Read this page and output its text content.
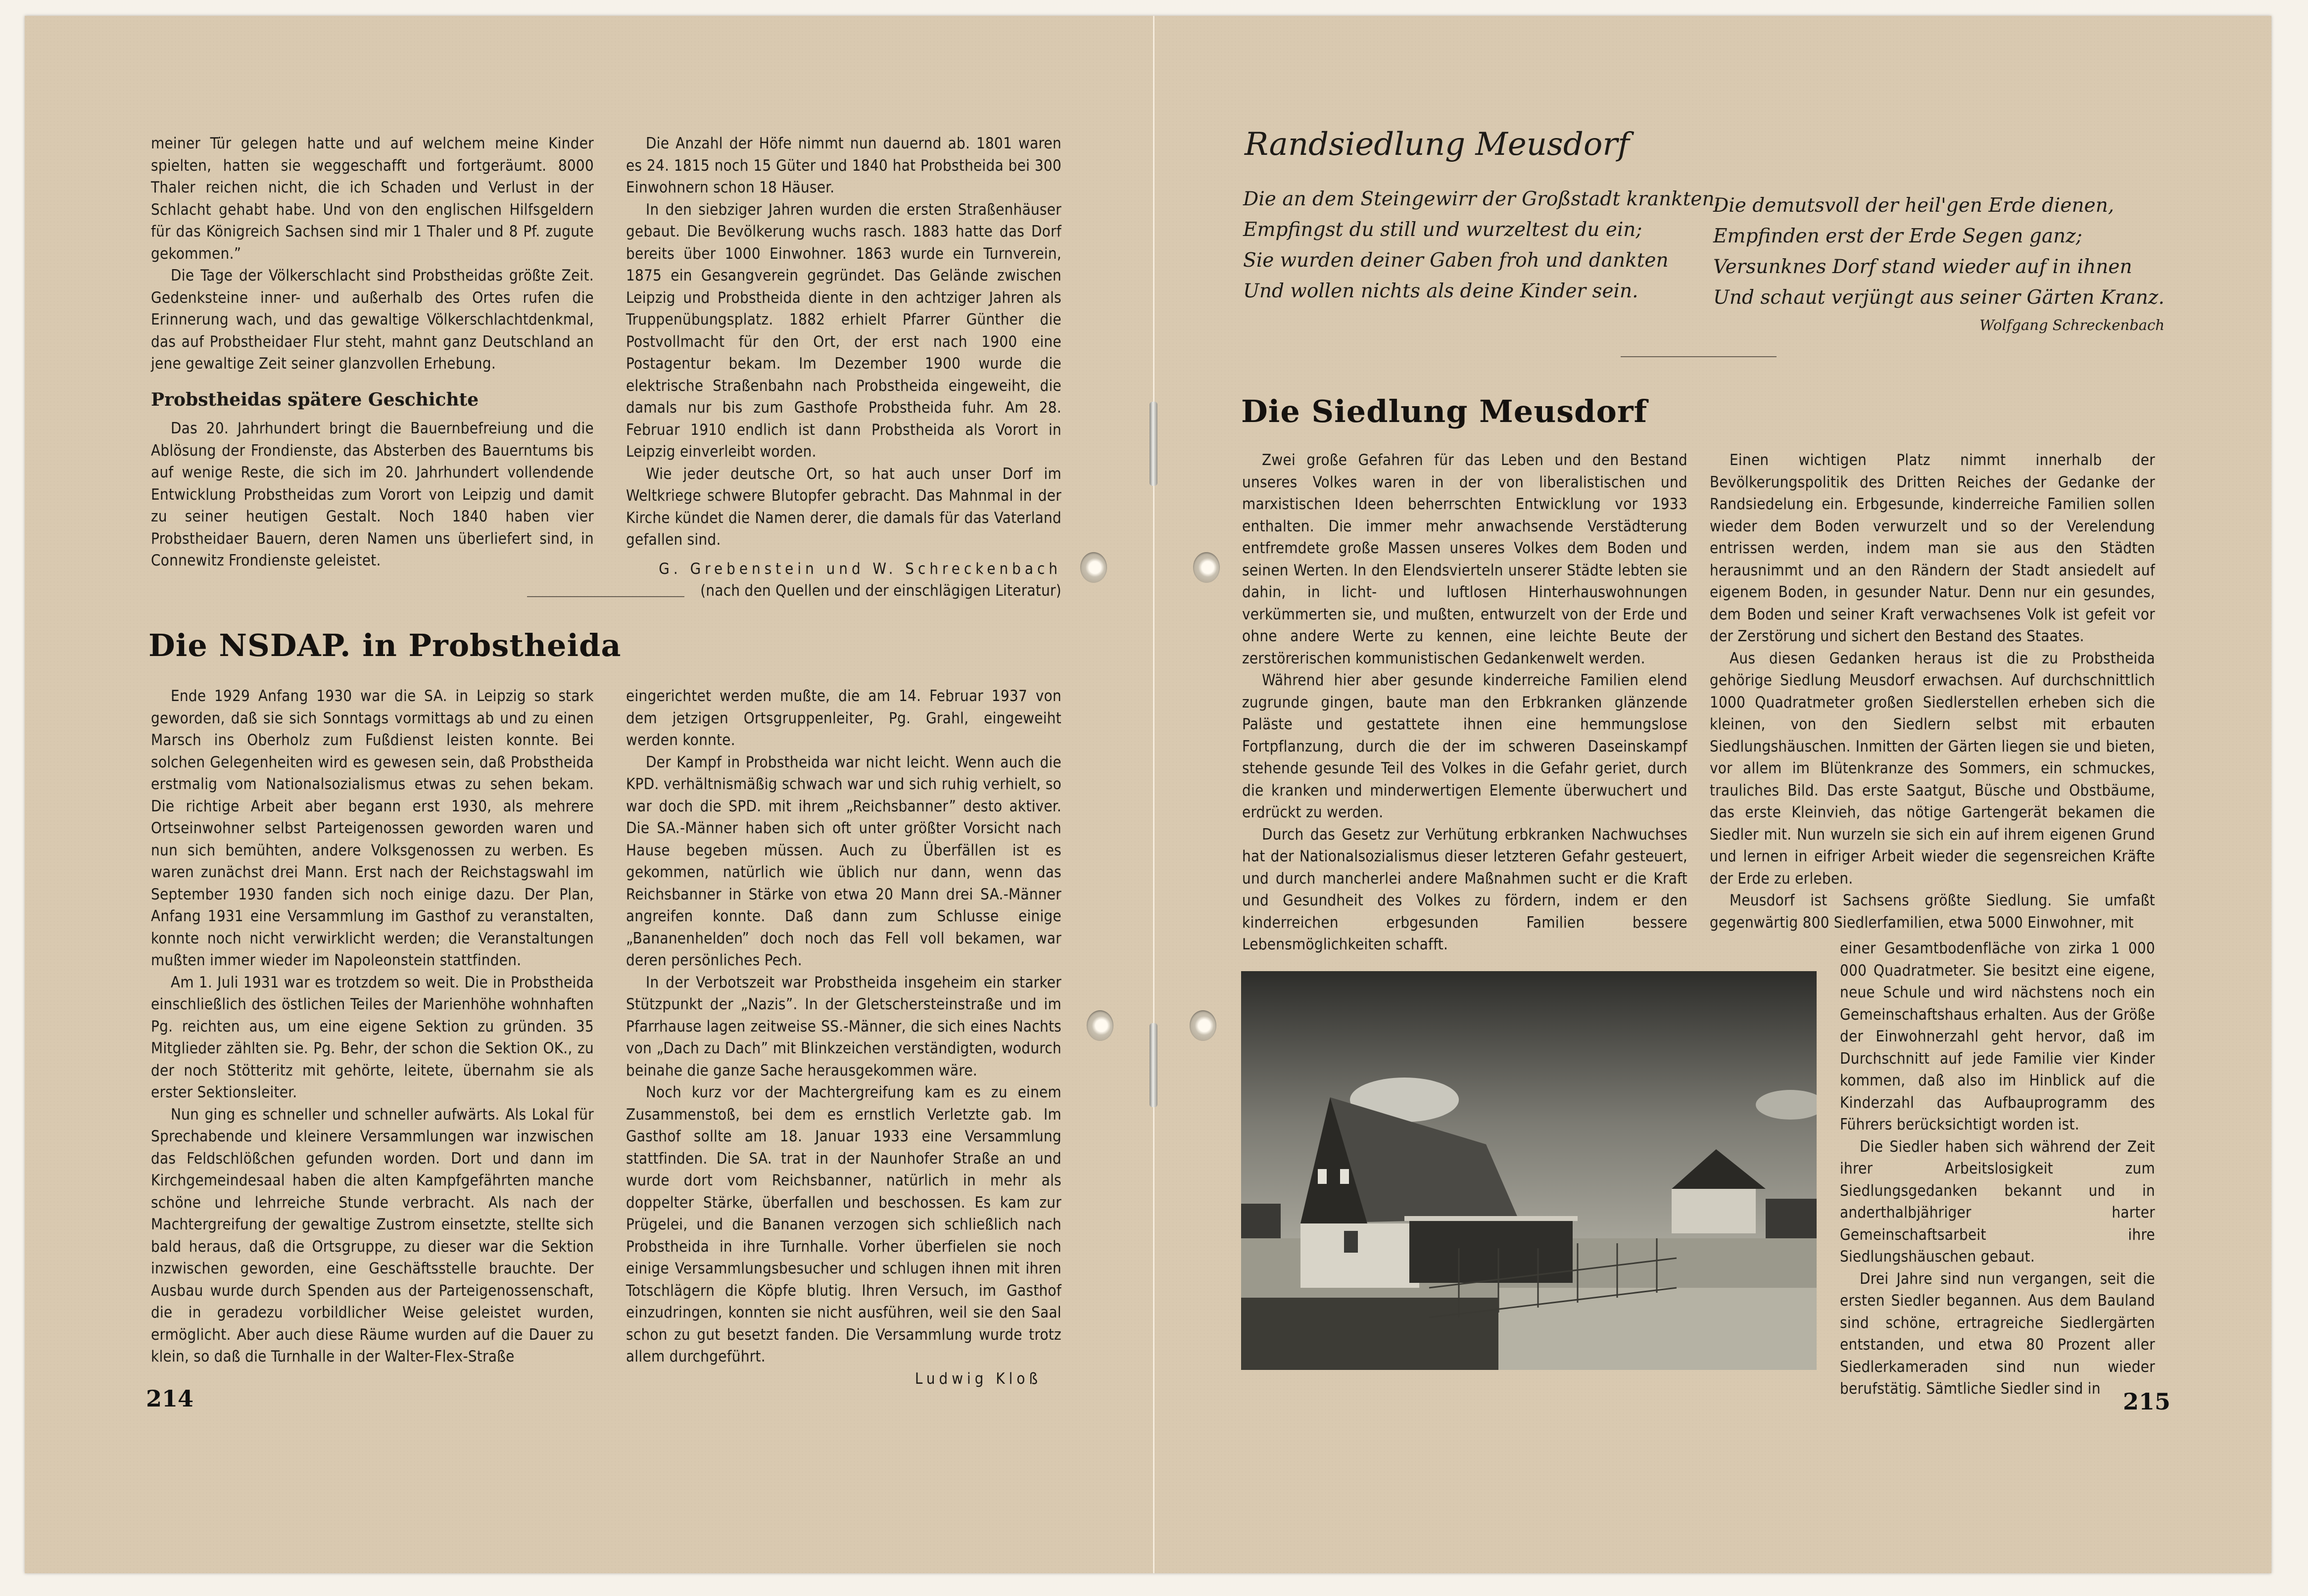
meiner Tür gelegen hatte und auf welchem meine Kinder spielten, hatten sie weggeschafft und fortgeräumt. 8000 Thaler reichen nicht, die ich Schaden und Verlust in der Schlacht gehabt habe. Und von den englischen Hilfsgeldern für das Königreich Sachsen sind mir 1 Thaler und 8 Pf. zugute gekommen.”

Die Tage der Völkerschlacht sind Probstheidas größte Zeit. Gedenksteine inner- und außerhalb des Ortes rufen die Erinnerung wach, und das gewaltige Völkerschlachtdenkmal, das auf Probstheidaer Flur steht, mahnt ganz Deutschland an jene gewaltige Zeit seiner glanzvollen Erhebung.

Probstheidas spätere Geschichte

Das 20. Jahrhundert bringt die Bauernbefreiung und die Ablösung der Frondienste, das Absterben des Bauerntums bis auf wenige Reste, die sich im 20. Jahrhundert vollendende Entwicklung Probstheidas zum Vorort von Leipzig und damit zu seiner heutigen Gestalt. Noch 1840 haben vier Probstheidaer Bauern, deren Namen uns überliefert sind, in Connewitz Frondienste geleistet.

Die Anzahl der Höfe nimmt nun dauernd ab. 1801 waren es 24. 1815 noch 15 Güter und 1840 hat Probstheida bei 300 Einwohnern schon 18 Häuser.

In den siebziger Jahren wurden die ersten Straßenhäuser gebaut. Die Bevölkerung wuchs rasch. 1883 hatte das Dorf bereits über 1000 Einwohner. 1863 wurde ein Turnverein, 1875 ein Gesangverein gegründet. Das Gelände zwischen Leipzig und Probstheida diente in den achtziger Jahren als Truppenübungsplatz. 1882 erhielt Pfarrer Günther die Postvollmacht für den Ort, der erst nach 1900 eine Postagentur bekam. Im Dezember 1900 wurde die elektrische Straßenbahn nach Probstheida eingeweiht, die damals nur bis zum Gasthofe Probstheida fuhr. Am 28. Februar 1910 endlich ist dann Probstheida als Vorort in Leipzig einverleibt worden.

Wie jeder deutsche Ort, so hat auch unser Dorf im Weltkriege schwere Blutopfer gebracht. Das Mahnmal in der Kirche kündet die Namen derer, die damals für das Vaterland gefallen sind.

G. Grebenstein und W. Schreckenbach

(nach den Quellen und der einschlägigen Literatur)

Die NSDAP. in Probstheida

Ende 1929 Anfang 1930 war die SA. in Leipzig so stark geworden, daß sie sich Sonntags vormittags ab und zu einen Marsch ins Oberholz zum Fußdienst leisten konnte. Bei solchen Gelegenheiten wird es gewesen sein, daß Probstheida erstmalig vom Nationalsozialismus etwas zu sehen bekam. Die richtige Arbeit aber begann erst 1930, als mehrere Ortseinwohner selbst Parteigenossen geworden waren und nun sich bemühten, andere Volksgenossen zu werben. Es waren zunächst drei Mann. Erst nach der Reichstagswahl im September 1930 fanden sich noch einige dazu. Der Plan, Anfang 1931 eine Versammlung im Gasthof zu veranstalten, konnte noch nicht verwirklicht werden; die Veranstaltungen mußten immer wieder im Napoleonstein stattfinden.

Am 1. Juli 1931 war es trotzdem so weit. Die in Probstheida einschließlich des östlichen Teiles der Marienhöhe wohnhaften Pg. reichten aus, um eine eigene Sektion zu gründen. 35 Mitglieder zählten sie. Pg. Behr, der schon die Sektion OK., zu der noch Stötteritz mit gehörte, leitete, übernahm sie als erster Sektionsleiter.

Nun ging es schneller und schneller aufwärts. Als Lokal für Sprechabende und kleinere Versammlungen war inzwischen das Feldschlößchen gefunden worden. Dort und dann im Kirchgemeindesaal haben die alten Kampfgefährten manche schöne und lehrreiche Stunde verbracht. Als nach der Machtergreifung der gewaltige Zustrom einsetzte, stellte sich bald heraus, daß die Ortsgruppe, zu dieser war die Sektion inzwischen geworden, eine Geschäftsstelle brauchte. Der Ausbau wurde durch Spenden aus der Parteigenossenschaft, die in geradezu vorbildlicher Weise geleistet wurden, ermöglicht. Aber auch diese Räume wurden auf die Dauer zu klein, so daß die Turnhalle in der Walter-Flex-Straße

eingerichtet werden mußte, die am 14. Februar 1937 von dem jetzigen Ortsgruppenleiter, Pg. Grahl, eingeweiht werden konnte.

Der Kampf in Probstheida war nicht leicht. Wenn auch die KPD. verhältnismäßig schwach war und sich ruhig verhielt, so war doch die SPD. mit ihrem „Reichsbanner” desto aktiver. Die SA.-Männer haben sich oft unter größter Vorsicht nach Hause begeben müssen. Auch zu Überfällen ist es gekommen, natürlich wie üblich nur dann, wenn das Reichsbanner in Stärke von etwa 20 Mann drei SA.-Männer angreifen konnte. Daß dann zum Schlusse einige „Bananenhelden” doch noch das Fell voll bekamen, war deren persönliches Pech.

In der Verbotszeit war Probstheida insgeheim ein starker Stützpunkt der „Nazis”. In der Gletschersteinstraße und im Pfarrhause lagen zeitweise SS.-Männer, die sich eines Nachts von „Dach zu Dach” mit Blinkzeichen verständigten, wodurch beinahe die ganze Sache herausgekommen wäre.

Noch kurz vor der Machtergreifung kam es zu einem Zusammenstoß, bei dem es ernstlich Verletzte gab. Im Gasthof sollte am 18. Januar 1933 eine Versammlung stattfinden. Die SA. trat in der Naunhofer Straße an und wurde dort vom Reichsbanner, natürlich in mehr als doppelter Stärke, überfallen und beschossen. Es kam zur Prügelei, und die Bananen verzogen sich schließlich nach Probstheida in ihre Turnhalle. Vorher überfielen sie noch einige Versammlungsbesucher und schlugen ihnen mit ihren Totschlägern die Köpfe blutig. Ihren Versuch, im Gasthof einzudringen, konnten sie nicht ausführen, weil sie den Saal schon zu gut besetzt fanden. Die Versammlung wurde trotz allem durchgeführt.

Ludwig Kloß

214
Randsiedlung Meusdorf
Die an dem Steingewirr der Großstadt krankten,
Empfingst du still und wurzeltest du ein;
Sie wurden deiner Gaben froh und dankten
Und wollen nichts als deine Kinder sein.
Die demutsvoll der heil'gen Erde dienen,
Empfinden erst der Erde Segen ganz;
Versunknes Dorf stand wieder auf in ihnen
Und schaut verjüngt aus seiner Gärten Kranz.
Wolfgang Schreckenbach
Die Siedlung Meusdorf

Zwei große Gefahren für das Leben und den Bestand unseres Volkes waren in der von liberalistischen und marxistischen Ideen beherrschten Entwicklung vor 1933 enthalten. Die immer mehr anwachsende Verstädterung entfremdete große Massen unseres Volkes dem Boden und seinen Werten. In den Elendsvierteln unserer Städte lebten sie dahin, in licht- und luftlosen Hinterhauswohnungen verkümmerten sie, und mußten, entwurzelt von der Erde und ohne andere Werte zu kennen, eine leichte Beute der zerstörerischen kommunistischen Gedankenwelt werden.

Während hier aber gesunde kinderreiche Familien elend zugrunde gingen, baute man den Erbkranken glänzende Paläste und gestattete ihnen eine hemmungslose Fortpflanzung, durch die der im schweren Daseinskampf stehende gesunde Teil des Volkes in die Gefahr geriet, durch die kranken und minderwertigen Elemente überwuchert und erdrückt zu werden.

Durch das Gesetz zur Verhütung erbkranken Nachwuchses hat der Nationalsozialismus dieser letzteren Gefahr gesteuert, und durch mancherlei andere Maßnahmen sucht er die Kraft und Gesundheit des Volkes zu fördern, indem er den kinderreichen erbgesunden Familien bessere Lebensmöglichkeiten schafft.

Einen wichtigen Platz nimmt innerhalb der Bevölkerungspolitik des Dritten Reiches der Gedanke der Randsiedelung ein. Erbgesunde, kinderreiche Familien sollen wieder dem Boden verwurzelt und so der Verelendung entrissen werden, indem man sie aus den Städten herausnimmt und an den Rändern der Stadt ansiedelt auf eigenem Boden, in gesunder Natur. Denn nur ein gesundes, dem Boden und seiner Kraft verwachsenes Volk ist gefeit vor der Zerstörung und sichert den Bestand des Staates.

Aus diesen Gedanken heraus ist die zu Probstheida gehörige Siedlung Meusdorf erwachsen. Auf durchschnittlich 1000 Quadratmeter großen Siedlerstellen erheben sich die kleinen, von den Siedlern selbst mit erbauten Siedlungshäuschen. Inmitten der Gärten liegen sie und bieten, vor allem im Blütenkranze des Sommers, ein schmuckes, trauliches Bild. Das erste Saatgut, Büsche und Obstbäume, das erste Kleinvieh, das nötige Gartengerät bekamen die Siedler mit. Nun wurzeln sie sich ein auf ihrem eigenen Grund und lernen in eifriger Arbeit wieder die segensreichen Kräfte der Erde zu erleben.

Meusdorf ist Sachsens größte Siedlung. Sie umfaßt gegenwärtig 800 Siedlerfamilien, etwa 5000 Einwohner, mit

einer Gesamtbodenfläche von zirka 1 000 000 Quadratmeter. Sie besitzt eine eigene, neue Schule und wird nächstens noch ein Gemeinschaftshaus erhalten. Aus der Größe der Einwohnerzahl geht hervor, daß im Durchschnitt auf jede Familie vier Kinder kommen, daß also im Hinblick auf die Kinderzahl das Aufbauprogramm des Führers berücksichtigt worden ist.

Die Siedler haben sich während der Zeit ihrer Arbeitslosigkeit zum Siedlungsgedanken bekannt und in anderthalbjähriger harter Gemeinschaftsarbeit ihre Siedlungshäuschen gebaut.

Drei Jahre sind nun vergangen, seit die ersten Siedler begannen. Aus dem Bauland sind schöne, ertragreiche Siedlergärten entstanden, und etwa 80 Prozent aller Siedlerkameraden sind nun wieder berufstätig. Sämtliche Siedler sind in 215
